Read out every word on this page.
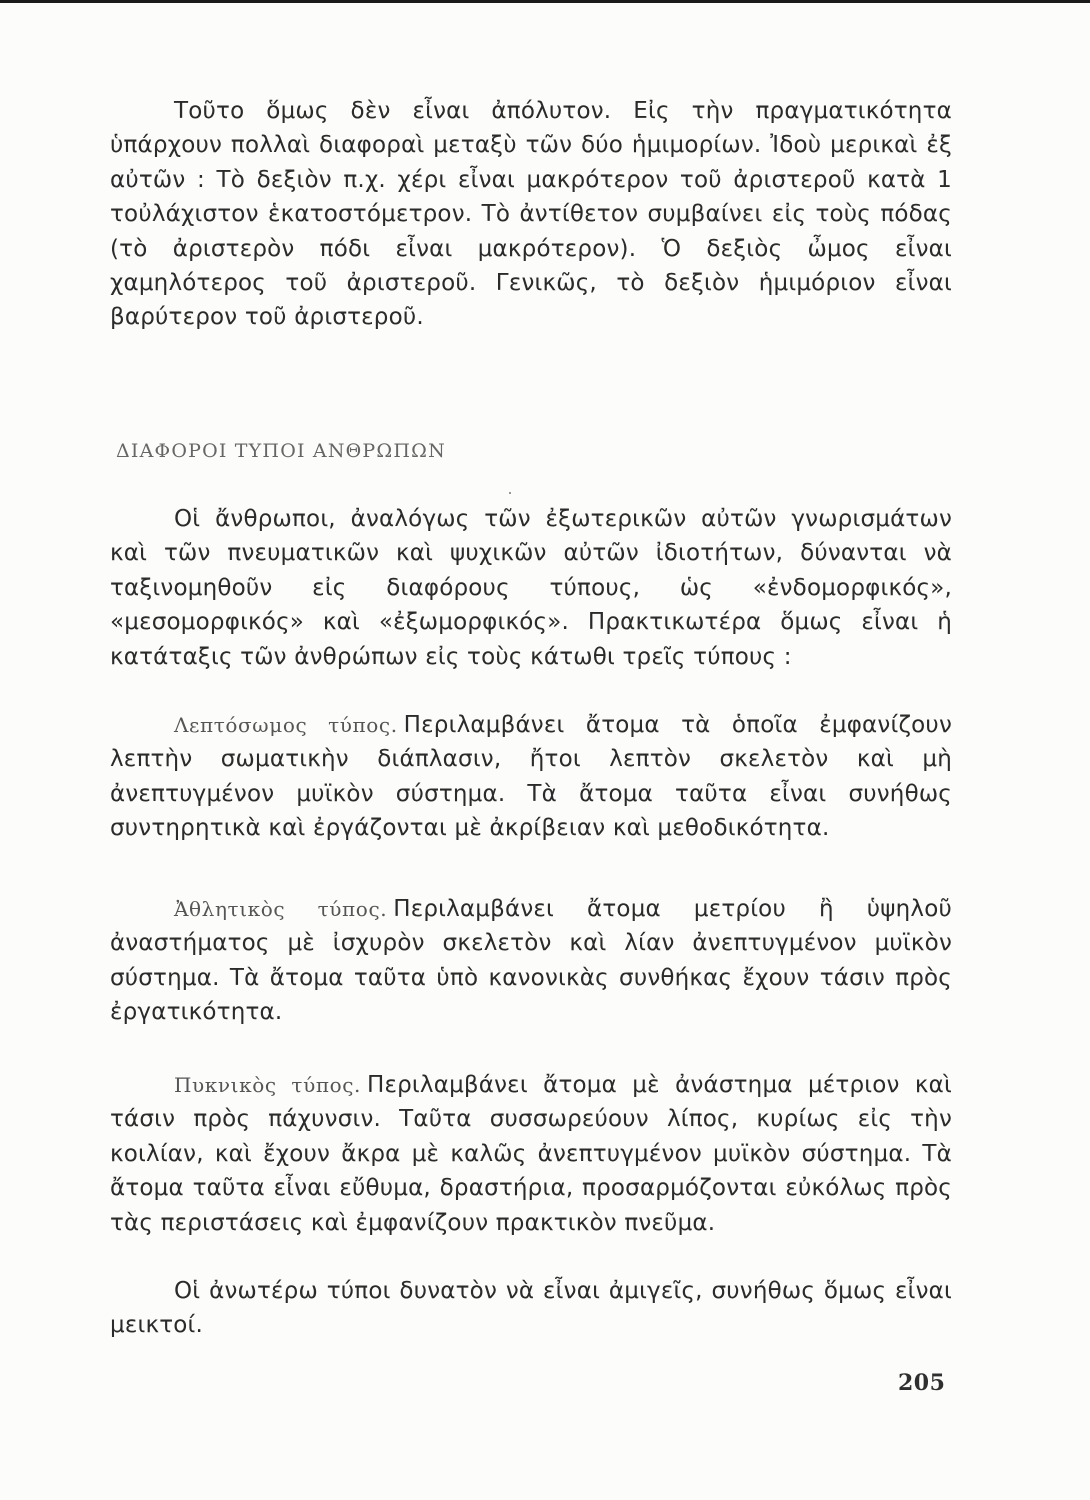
Τοῦτο ὅμως δὲν εἶναι ἀπόλυτον. Εἰς τὴν πραγματικότητα ὑπάρχουν πολλαὶ διαφοραὶ μεταξὺ τῶν δύο ἡμιμορίων. Ἰδοὺ μερικαὶ ἐξ αὐτῶν : Τὸ δεξιὸν π.χ. χέρι εἶναι μακρότερον τοῦ ἀριστεροῦ κατὰ 1 τοὐλάχιστον ἑκατοστόμετρον. Τὸ ἀντίθετον συμβαίνει εἰς τοὺς πόδας (τὸ ἀριστερὸν πόδι εἶναι μακρότερον). Ὁ δεξιὸς ὦμος εἶναι χαμηλότερος τοῦ ἀριστεροῦ. Γενικῶς, τὸ δεξιὸν ἡμιμόριον εἶναι βαρύτερον τοῦ ἀριστεροῦ.

ΔΙΑΦΟΡΟΙ ΤΥΠΟΙ ΑΝΘΡΩΠΩΝ

Οἱ ἄνθρωποι, ἀναλόγως τῶν ἐξωτερικῶν αὐτῶν γνωρισμάτων καὶ τῶν πνευματικῶν καὶ ψυχικῶν αὐτῶν ἰδιοτήτων, δύνανται νὰ ταξινομηθοῦν εἰς διαφόρους τύπους, ὡς «ἐνδομορφικός», «μεσομορφικός» καὶ «ἐξωμορφικός». Πρακτικωτέρα ὅμως εἶναι ἡ κατάταξις τῶν ἀνθρώπων εἰς τοὺς κάτωθι τρεῖς τύπους :

Λεπτόσωμος τύπος. Περιλαμβάνει ἄτομα τὰ ὁποῖα ἐμφανίζουν λεπτὴν σωματικὴν διάπλασιν, ἤτοι λεπτὸν σκελετὸν καὶ μὴ ἀνεπτυγμένον μυϊκὸν σύστημα. Τὰ ἄτομα ταῦτα εἶναι συνήθως συντηρητικὰ καὶ ἐργάζονται μὲ ἀκρίβειαν καὶ μεθοδικότητα.

Ἀθλητικὸς τύπος. Περιλαμβάνει ἄτομα μετρίου ἢ ὑψηλοῦ ἀναστήματος μὲ ἰσχυρὸν σκελετὸν καὶ λίαν ἀνεπτυγμένον μυϊκὸν σύστημα. Τὰ ἄτομα ταῦτα ὑπὸ κανονικὰς συνθήκας ἔχουν τάσιν πρὸς ἐργατικότητα.

Πυκνικὸς τύπος. Περιλαμβάνει ἄτομα μὲ ἀνάστημα μέτριον καὶ τάσιν πρὸς πάχυνσιν. Ταῦτα συσσωρεύουν λίπος, κυρίως εἰς τὴν κοιλίαν, καὶ ἔχουν ἄκρα μὲ καλῶς ἀνεπτυγμένον μυϊκὸν σύστημα. Τὰ ἄτομα ταῦτα εἶναι εὔθυμα, δραστήρια, προσαρμόζονται εὐκόλως πρὸς τὰς περιστάσεις καὶ ἐμφανίζουν πρακτικὸν πνεῦμα.

Οἱ ἀνωτέρω τύποι δυνατὸν νὰ εἶναι ἀμιγεῖς, συνήθως ὅμως εἶναι μεικτοί.

205
